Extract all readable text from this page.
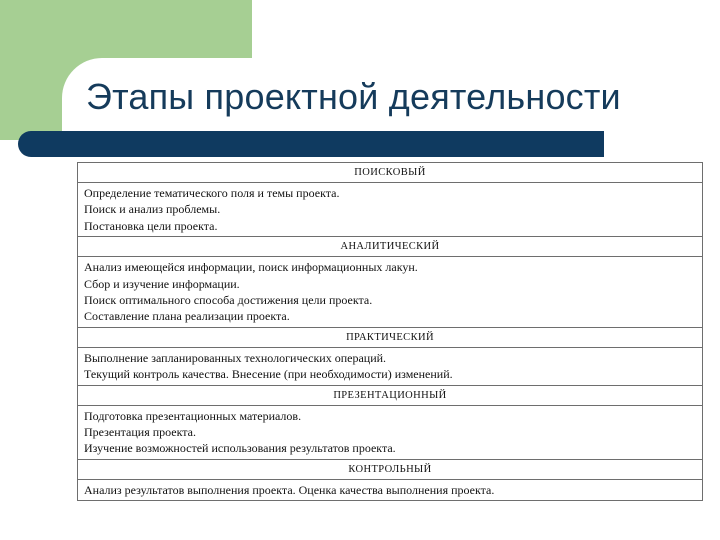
Этапы проектной деятельности
ПОИСКОВЫЙ

Определение тематического поля и темы проекта.
Поиск и анализ проблемы.
Постановка цели проекта.

АНАЛИТИЧЕСКИЙ

Анализ имеющейся информации, поиск информационных лакун.
Сбор и изучение информации.
Поиск оптимального способа достижения цели проекта.
Составление плана реализации проекта.

ПРАКТИЧЕСКИЙ

Выполнение запланированных технологических операций.
Текущий контроль качества. Внесение (при необходимости) изменений.

ПРЕЗЕНТАЦИОННЫЙ

Подготовка презентационных материалов.
Презентация проекта.
Изучение возможностей использования результатов проекта.

КОНТРОЛЬНЫЙ

Анализ результатов выполнения проекта. Оценка качества выполнения проекта.
